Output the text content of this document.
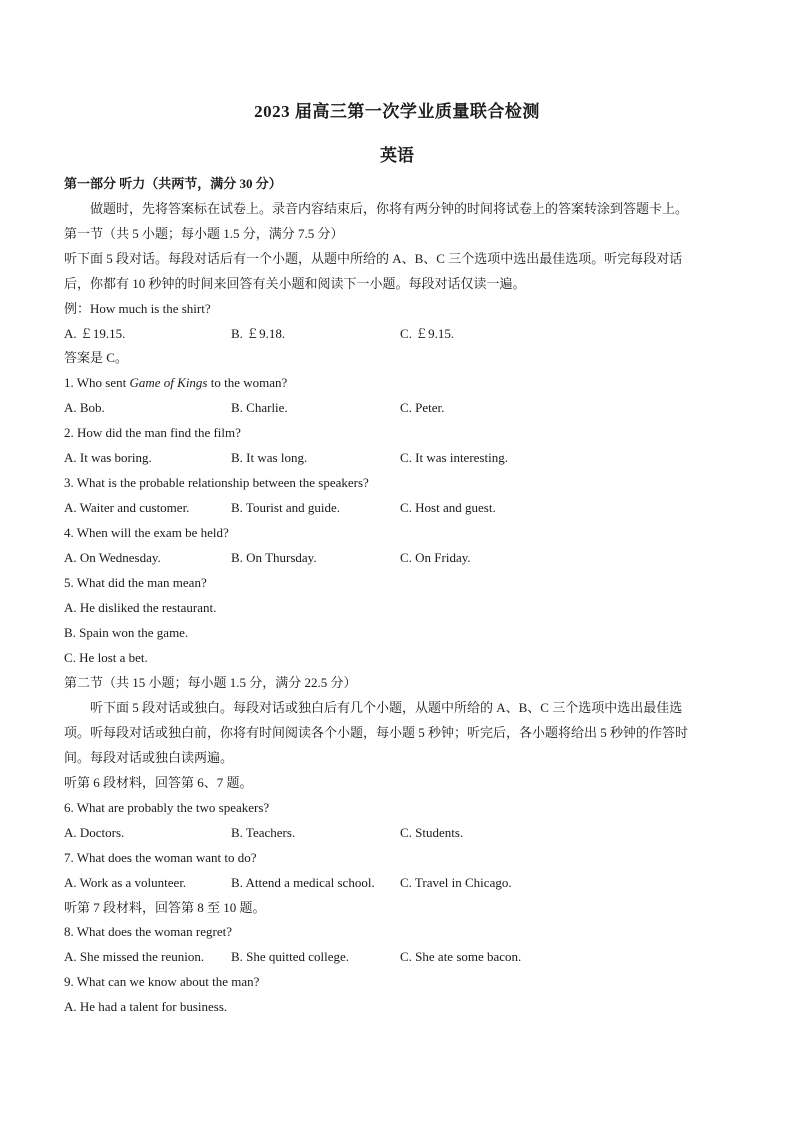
2023 届高三第一次学业质量联合检测
英语
第一部分 听力（共两节，满分 30 分）
做题时，先将答案标在试卷上。录音内容结束后，你将有两分钟的时间将试卷上的答案转涂到答题卡上。
第一节（共 5 小题；每小题 1.5 分，满分 7.5 分）
听下面 5 段对话。每段对话后有一个小题，从题中所给的 A、B、C 三个选项中选出最佳选项。听完每段对话
后，你都有 10 秒钟的时间来回答有关小题和阅读下一小题。每段对话仅读一遍。
例：How much is the shirt?
A. ￡19.15.	B. ￡9.18.	C. ￡9.15.
答案是 C。
1. Who sent Game of Kings to the woman?
A. Bob.	B. Charlie.	C. Peter.
2. How did the man find the film?
A. It was boring.	B. It was long.	C. It was interesting.
3. What is the probable relationship between the speakers?
A. Waiter and customer.	B. Tourist and guide.	C. Host and guest.
4. When will the exam be held?
A. On Wednesday.	B. On Thursday.	C. On Friday.
5. What did the man mean?
A. He disliked the restaurant.
B. Spain won the game.
C. He lost a bet.
第二节（共 15 小题；每小题 1.5 分，满分 22.5 分）
听下面 5 段对话或独白。每段对话或独白后有几个小题，从题中所给的 A、B、C 三个选项中选出最佳选
项。听每段对话或独白前，你将有时间阅读各个小题，每小题 5 秒钟；听完后，各小题将给出 5 秒钟的作答时
间。每段对话或独白读两遍。
听第 6 段材料，回答第 6、7 题。
6. What are probably the two speakers?
A. Doctors.	B. Teachers.	C. Students.
7. What does the woman want to do?
A. Work as a volunteer.	B. Attend a medical school. C. Travel in Chicago.
听第 7 段材料，回答第 8 至 10 题。
8. What does the woman regret?
A. She missed the reunion. B. She quitted college.	C. She ate some bacon.
9. What can we know about the man?
A. He had a talent for business.
